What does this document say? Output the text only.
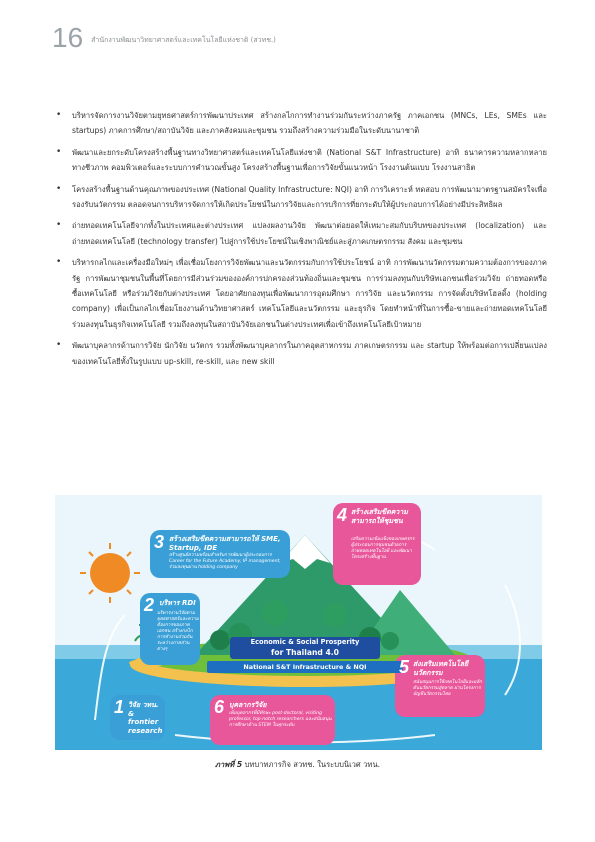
16 สำนักงานพัฒนาวิทยาศาสตร์และเทคโนโลยีแห่งชาติ (สวทช.)
• บริหารจัดการงานวิจัยตามยุทธศาสตร์การพัฒนาประเทศ สร้างกลไกการทำงานร่วมกันระหว่างภาครัฐ ภาคเอกชน (MNCs, LEs, SMEs และ startups) ภาคการศึกษา/สถาบันวิจัย และภาคสังคมและชุมชน รวมถึงสร้างความร่วมมือในระดับนานาชาติ
• พัฒนาและยกระดับโครงสร้างพื้นฐานทางวิทยาศาสตร์และเทคโนโลยีแห่งชาติ (National S&T Infrastructure) อาทิ ธนาคารความหลากหลายทางชีวภาพ คอมพิวเตอร์และระบบการคำนวณขั้นสูง โครงสร้างพื้นฐานเพื่อการวิจัยขั้นแนวหน้า โรงงานต้นแบบ โรงงานสาธิต
• โครงสร้างพื้นฐานด้านคุณภาพของประเทศ (National Quality Infrastructure: NQI) อาทิ การวิเคราะห์ ทดสอบ การพัฒนามาตรฐานสมัครใจเพื่อรองรับนวัตกรรม ตลอดจนการบริหารจัดการให้เกิดประโยชน์ในการวิจัยและการบริการที่ยกระดับให้ผู้ประกอบการได้อย่างมีประสิทธิผล
• ถ่ายทอดเทคโนโลยีจากทั้งในประเทศและต่างประเทศ แปลงผลงานวิจัย พัฒนาต่อยอดให้เหมาะสมกับบริบทของประเทศ (localization) และถ่ายทอดเทคโนโลยี (technology transfer) ไปสู่การใช้ประโยชน์ในเชิงพาณิชย์และสู่ภาคเกษตรกรรม สังคม และชุมชน
• บริหารกลไกและเครื่องมือใหม่ๆ เพื่อเชื่อมโยงการวิจัยพัฒนาและนวัตกรรมกับการใช้ประโยชน์ อาทิ การพัฒนานวัตกรรมตามความต้องการของภาครัฐ การพัฒนาชุมชนในพื้นที่โดยการมีส่วนร่วมขององค์การปกครองส่วนท้องถิ่นและชุมชน การร่วมลงทุนกับบริษัทเอกชนเพื่อร่วมวิจัย ถ่ายทอดหรือซื้อเทคโนโลยี หรือร่วมวิจัยกับต่างประเทศ โดยอาศัยกองทุนเพื่อพัฒนาการอุดมศึกษา การวิจัย และนวัตกรรม การจัดตั้งบริษัทโฮลดิ้ง (holding company) เพื่อเป็นกลไกเชื่อมโยงงานด้านวิทยาศาสตร์ เทคโนโลยีและนวัตกรรม และธุรกิจ โดยทำหน้าที่ในการซื้อ-ขายและถ่ายทอดเทคโนโลยี ร่วมลงทุนในธุรกิจเทคโนโลยี รวมถึงลงทุนในสถาบันวิจัยเอกชนในต่างประเทศเพื่อเข้าถึงเทคโนโลยีเป้าหมาย
• พัฒนาบุคลากรด้านการวิจัย นักวิจัย นวัตกร รวมทั้งพัฒนาบุคลากรในภาคอุตสาหกรรม ภาคเกษตรกรรม และ startup ให้พร้อมต่อการเปลี่ยนแปลงของเทคโนโลยีทั้งในรูปแบบ up-skill, re-skill, และ new skill
3 สร้างเสริมขีดความสามารถให้ SME, Startup, IDE
สร้างศูนย์ความพร้อมสำหรับการพัฒนาผู้ประกอบการ Career for the Future Academy, IP management, ร่วมลงทุนผ่าน holding company
2 บริหาร RDI
บริหารงานวิจัยตามยุทธศาสตร์และความต้องการของภาคเอกชน สร้างกลไกการทำงานร่วมกันระหว่างภาคส่วนต่างๆ
1 วิจัย วทน. & frontier research
4 สร้างเสริมขีดความสามารถให้ชุมชน
เสริมความเข้มแข็งของเกษตรกร ผู้ประกอบการชุมชนด้วยการถ่ายทอดเทคโนโลยี และพัฒนาโครงสร้างพื้นฐาน
5 ส่งเสริมเทคโนโลยีนวัตกรรม
สนับสนุนการใช้เทคโนโลยีและผลักดันนวัตกรรมสู่ตลาด ผ่านโครงการบัญชีนวัตกรรมไทย
6 บุคลากรวิจัย
เพิ่มบุคลากรที่มีทักษะ post-doctoral, visiting professor, top-notch researchers และสนับสนุนการศึกษาด้าน STEM ในทุกระดับ
Economic & Social Prosperity
for Thailand 4.0
National S&T Infrastructure & NQI
ภาพที่ 5 บทบาทภารกิจ สวทช. ในระบบนิเวศ วทน.
